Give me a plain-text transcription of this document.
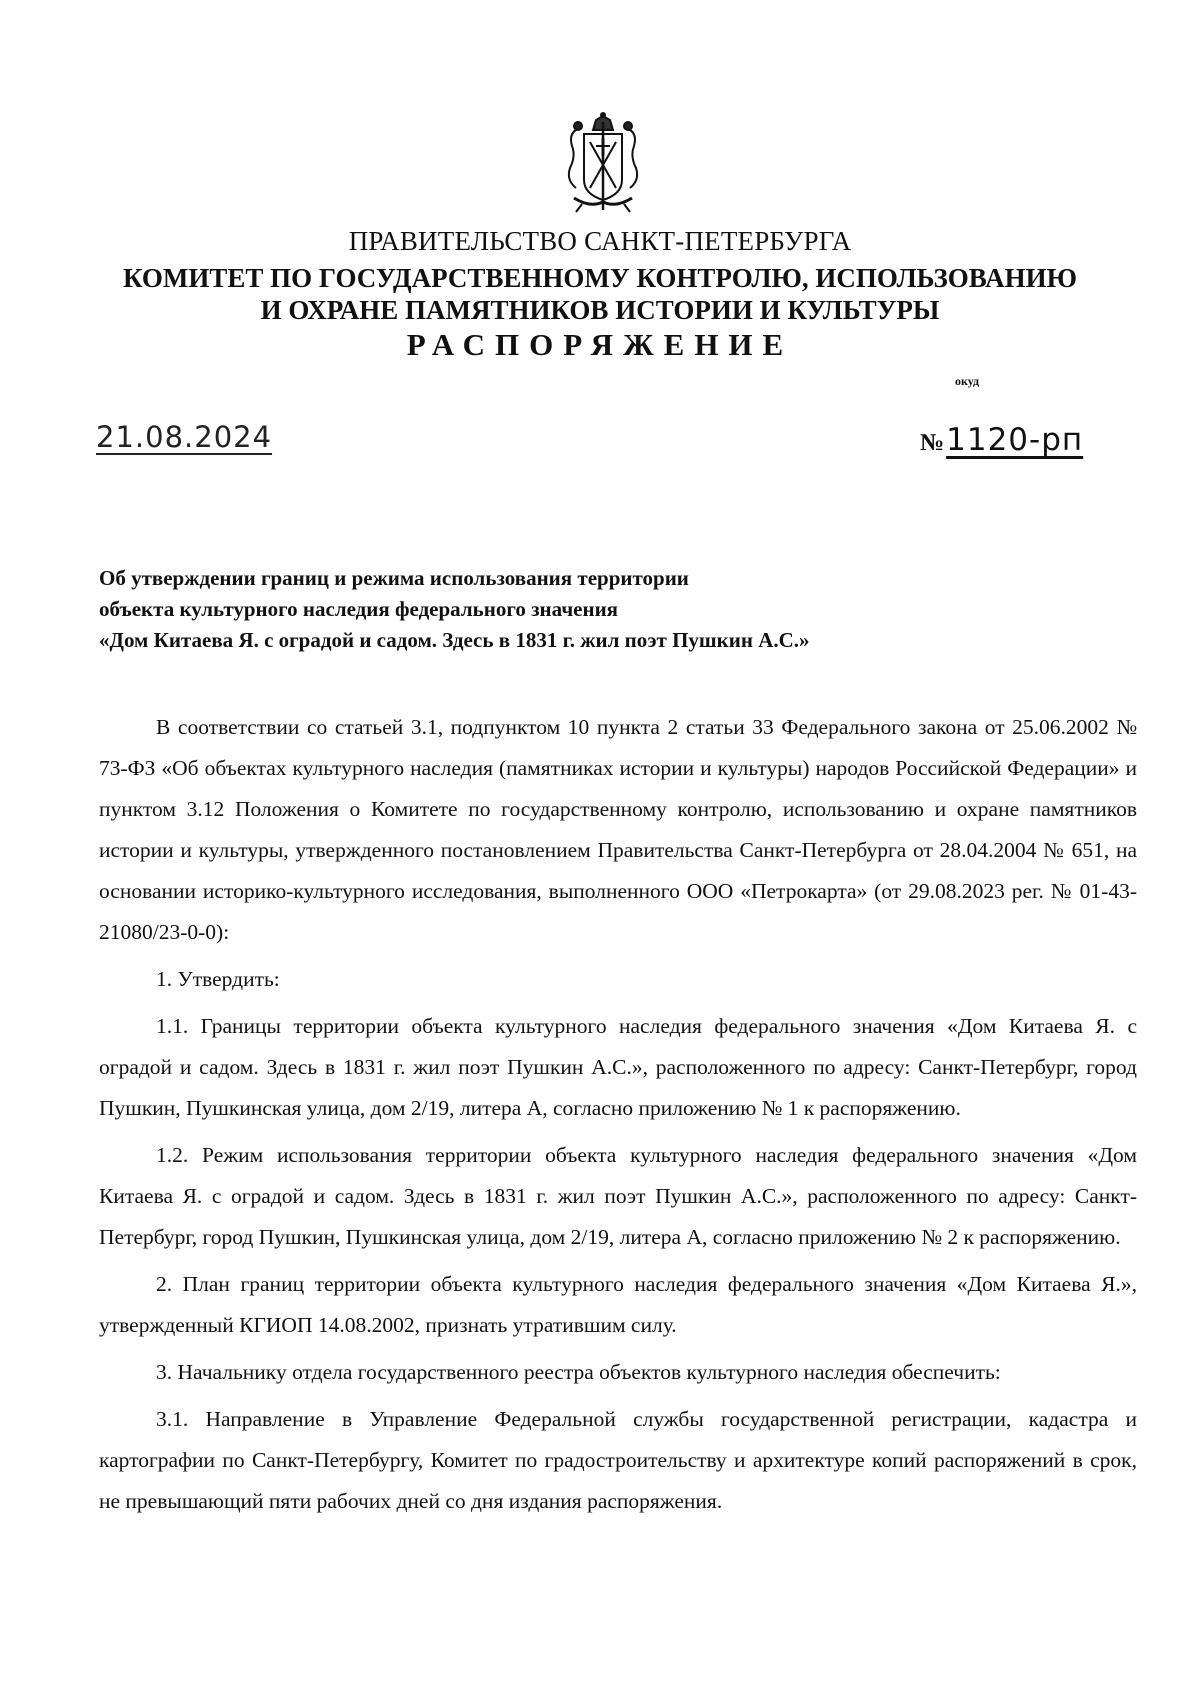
ПРАВИТЕЛЬСТВО САНКТ-ПЕТЕРБУРГА
КОМИТЕТ ПО ГОСУДАРСТВЕННОМУ КОНТРОЛЮ, ИСПОЛЬЗОВАНИЮ
И ОХРАНЕ ПАМЯТНИКОВ ИСТОРИИ И КУЛЬТУРЫ
РАСПОРЯЖЕНИЕ
окуд
21.08.2024	№1120-рп
Об утверждении границ и режима использования территории
объекта культурного наследия федерального значения
«Дом Китаева Я. с оградой и садом. Здесь в 1831 г. жил поэт Пушкин А.С.»

В соответствии со статьей 3.1, подпунктом 10 пункта 2 статьи 33 Федерального закона от 25.06.2002 № 73-ФЗ «Об объектах культурного наследия (памятниках истории и культуры) народов Российской Федерации» и пунктом 3.12 Положения о Комитете по государственному контролю, использованию и охране памятников истории и культуры, утвержденного постановлением Правительства Санкт-Петербурга от 28.04.2004 № 651, на основании историко-культурного исследования, выполненного ООО «Петрокарта» (от 29.08.2023 рег. № 01-43-21080/23-0-0):

1. Утвердить:

1.1. Границы территории объекта культурного наследия федерального значения «Дом Китаева Я. с оградой и садом. Здесь в 1831 г. жил поэт Пушкин А.С.», расположенного по адресу: Санкт-Петербург, город Пушкин, Пушкинская улица, дом 2/19, литера А, согласно приложению № 1 к распоряжению.

1.2. Режим использования территории объекта культурного наследия федерального значения «Дом Китаева Я. с оградой и садом. Здесь в 1831 г. жил поэт Пушкин А.С.», расположенного по адресу: Санкт-Петербург, город Пушкин, Пушкинская улица, дом 2/19, литера А, согласно приложению № 2 к распоряжению.

2. План границ территории объекта культурного наследия федерального значения «Дом Китаева Я.», утвержденный КГИОП 14.08.2002, признать утратившим силу.

3. Начальнику отдела государственного реестра объектов культурного наследия обеспечить:

3.1. Направление в Управление Федеральной службы государственной регистрации, кадастра и картографии по Санкт-Петербургу, Комитет по градостроительству и архитектуре копий распоряжений в срок, не превышающий пяти рабочих дней со дня издания распоряжения.
